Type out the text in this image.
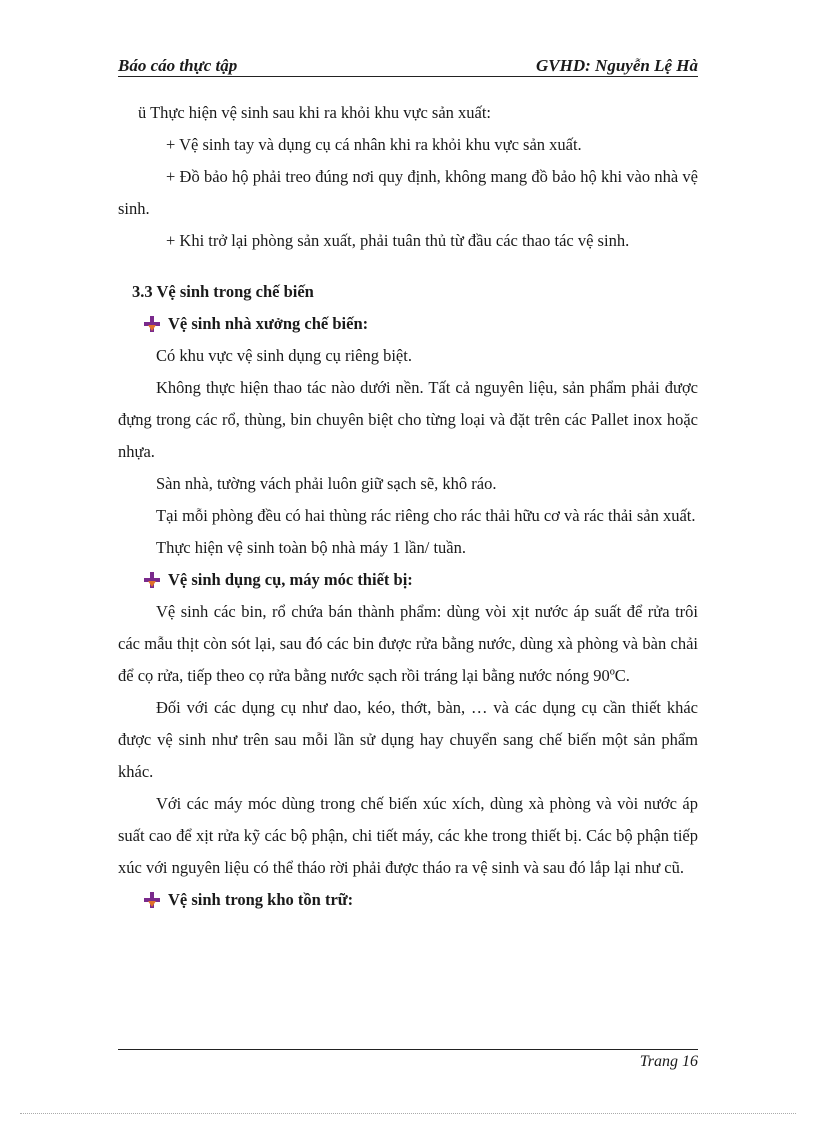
Báo cáo thực tập	GVHD: Nguyễn Lệ Hà

ü Thực hiện vệ sinh sau khi ra khỏi khu vực sản xuất:

+ Vệ sinh tay và dụng cụ cá nhân khi ra khỏi khu vực sản xuất.

+ Đồ bảo hộ phải treo đúng nơi quy định, không mang đồ bảo hộ khi vào nhà vệ sinh.

+ Khi trở lại phòng sản xuất, phải tuân thủ từ đầu các thao tác vệ sinh.

3.3 Vệ sinh trong chế biến

Vệ sinh nhà xưởng chế biến:

Có khu vực vệ sinh dụng cụ riêng biệt.

Không thực hiện thao tác nào dưới nền. Tất cả nguyên liệu, sản phẩm phải được đựng trong các rổ, thùng, bin chuyên biệt cho từng loại và đặt trên các Pallet inox hoặc nhựa.

Sàn nhà, tường vách phải luôn giữ sạch sẽ, khô ráo.

Tại mỗi phòng đều có hai thùng rác riêng cho rác thải hữu cơ và rác thải sản xuất.

Thực hiện vệ sinh toàn bộ nhà máy 1 lần/ tuần.

Vệ sinh dụng cụ, máy móc thiết bị:

Vệ sinh các bin, rổ chứa bán thành phẩm: dùng vòi xịt nước áp suất để rửa trôi các mẫu thịt còn sót lại, sau đó các bin được rửa bằng nước, dùng xà phòng và bàn chải để cọ rửa, tiếp theo cọ rửa bằng nước sạch rồi tráng lại bằng nước nóng 90ºC.

Đối với các dụng cụ như dao, kéo, thớt, bàn, … và các dụng cụ cần thiết khác được vệ sinh như trên sau mỗi lần sử dụng hay chuyển sang chế biến một sản phẩm khác.

Với các máy móc dùng trong chế biến xúc xích, dùng xà phòng và vòi nước áp suất cao để xịt rửa kỹ các bộ phận, chi tiết máy, các khe trong thiết bị. Các bộ phận tiếp xúc với nguyên liệu có thể tháo rời phải được tháo ra vệ sinh và sau đó lắp lại như cũ.

Vệ sinh trong kho tồn trữ:
Trang 16
